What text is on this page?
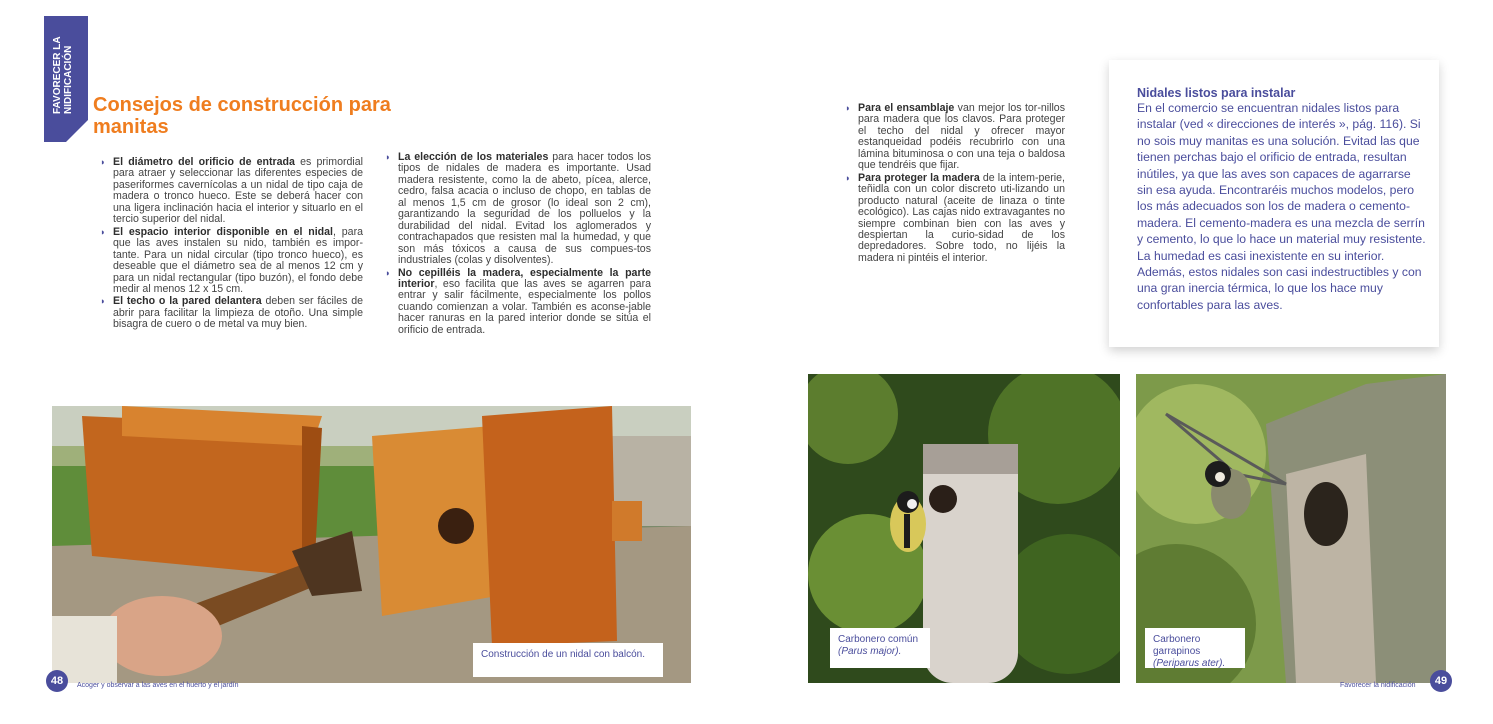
FAVORECER LA
NIDIFICACIÓN Consejos de construcción para manitas

◗ El diámetro del orificio de entrada es primordial para atraer y seleccionar las diferentes especies de paseriformes cavernícolas a un nidal de tipo caja de madera o tronco hueco. Este se deberá hacer con una ligera inclinación hacia el interior y situarlo en el tercio superior del nidal.

◗ El espacio interior disponible en el nidal, para que las aves instalen su nido, también es impor-tante. Para un nidal circular (tipo tronco hueco), es deseable que el diámetro sea de al menos 12 cm y para un nidal rectangular (tipo buzón), el fondo debe medir al menos 12 x 15 cm.

◗ El techo o la pared delantera deben ser fáciles de abrir para facilitar la limpieza de otoño. Una simple bisagra de cuero o de metal va muy bien.

◗ La elección de los materiales para hacer todos los tipos de nidales de madera es importante. Usad madera resistente, como la de abeto, pícea, alerce, cedro, falsa acacia o incluso de chopo, en tablas de al menos 1,5 cm de grosor (lo ideal son 2 cm), garantizando la seguridad de los polluelos y la durabilidad del nidal. Evitad los aglomerados y contrachapados que resisten mal la humedad, y que son más tóxicos a causa de sus compues-tos industriales (colas y disolventes).

◗ No cepilléis la madera, especialmente la parte interior, eso facilita que las aves se agarren para entrar y salir fácilmente, especialmente los pollos cuando comienzan a volar. También es aconse-jable hacer ranuras en la pared interior donde se sitúa el orificio de entrada.

◗ Para el ensamblaje van mejor los tor-nillos para madera que los clavos. Para proteger el techo del nidal y ofrecer mayor estanqueidad podéis recubrirlo con una lámina bituminosa o con una teja o baldosa que tendréis que fijar.

◗ Para proteger la madera de la intem-perie, teñidla con un color discreto uti-lizando un producto natural (aceite de linaza o tinte ecológico). Las cajas nido extravagantes no siempre combinan bien con las aves y despiertan la curio-sidad de los depredadores. Sobre todo, no lijéis la madera ni pintéis el interior.

Nidales listos para instalar
En el comercio se encuentran nidales listos para instalar (ved « direcciones de interés », pág. 116). Si no sois muy manitas es una solución. Evitad las que tienen perchas bajo el orificio de entrada, resultan inútiles, ya que las aves son capaces de agarrarse sin esa ayuda. Encontraréis muchos modelos, pero los más adecuados son los de madera o cemento-madera. El cemento-madera es una mezcla de serrín y cemento, lo que lo hace un material muy resistente. La humedad es casi inexistente en su interior. Además, estos nidales son casi indestructibles y con una gran inercia térmica, lo que los hace muy confortables para las aves.
Construcción de un nidal con balcón.
Carbonero común
(Parus major).
Carbonero garrapinos
(Periparus ater).
48	Acoger y observar a las aves en el huerto y el jardín	Favorecer la nidificación	49
